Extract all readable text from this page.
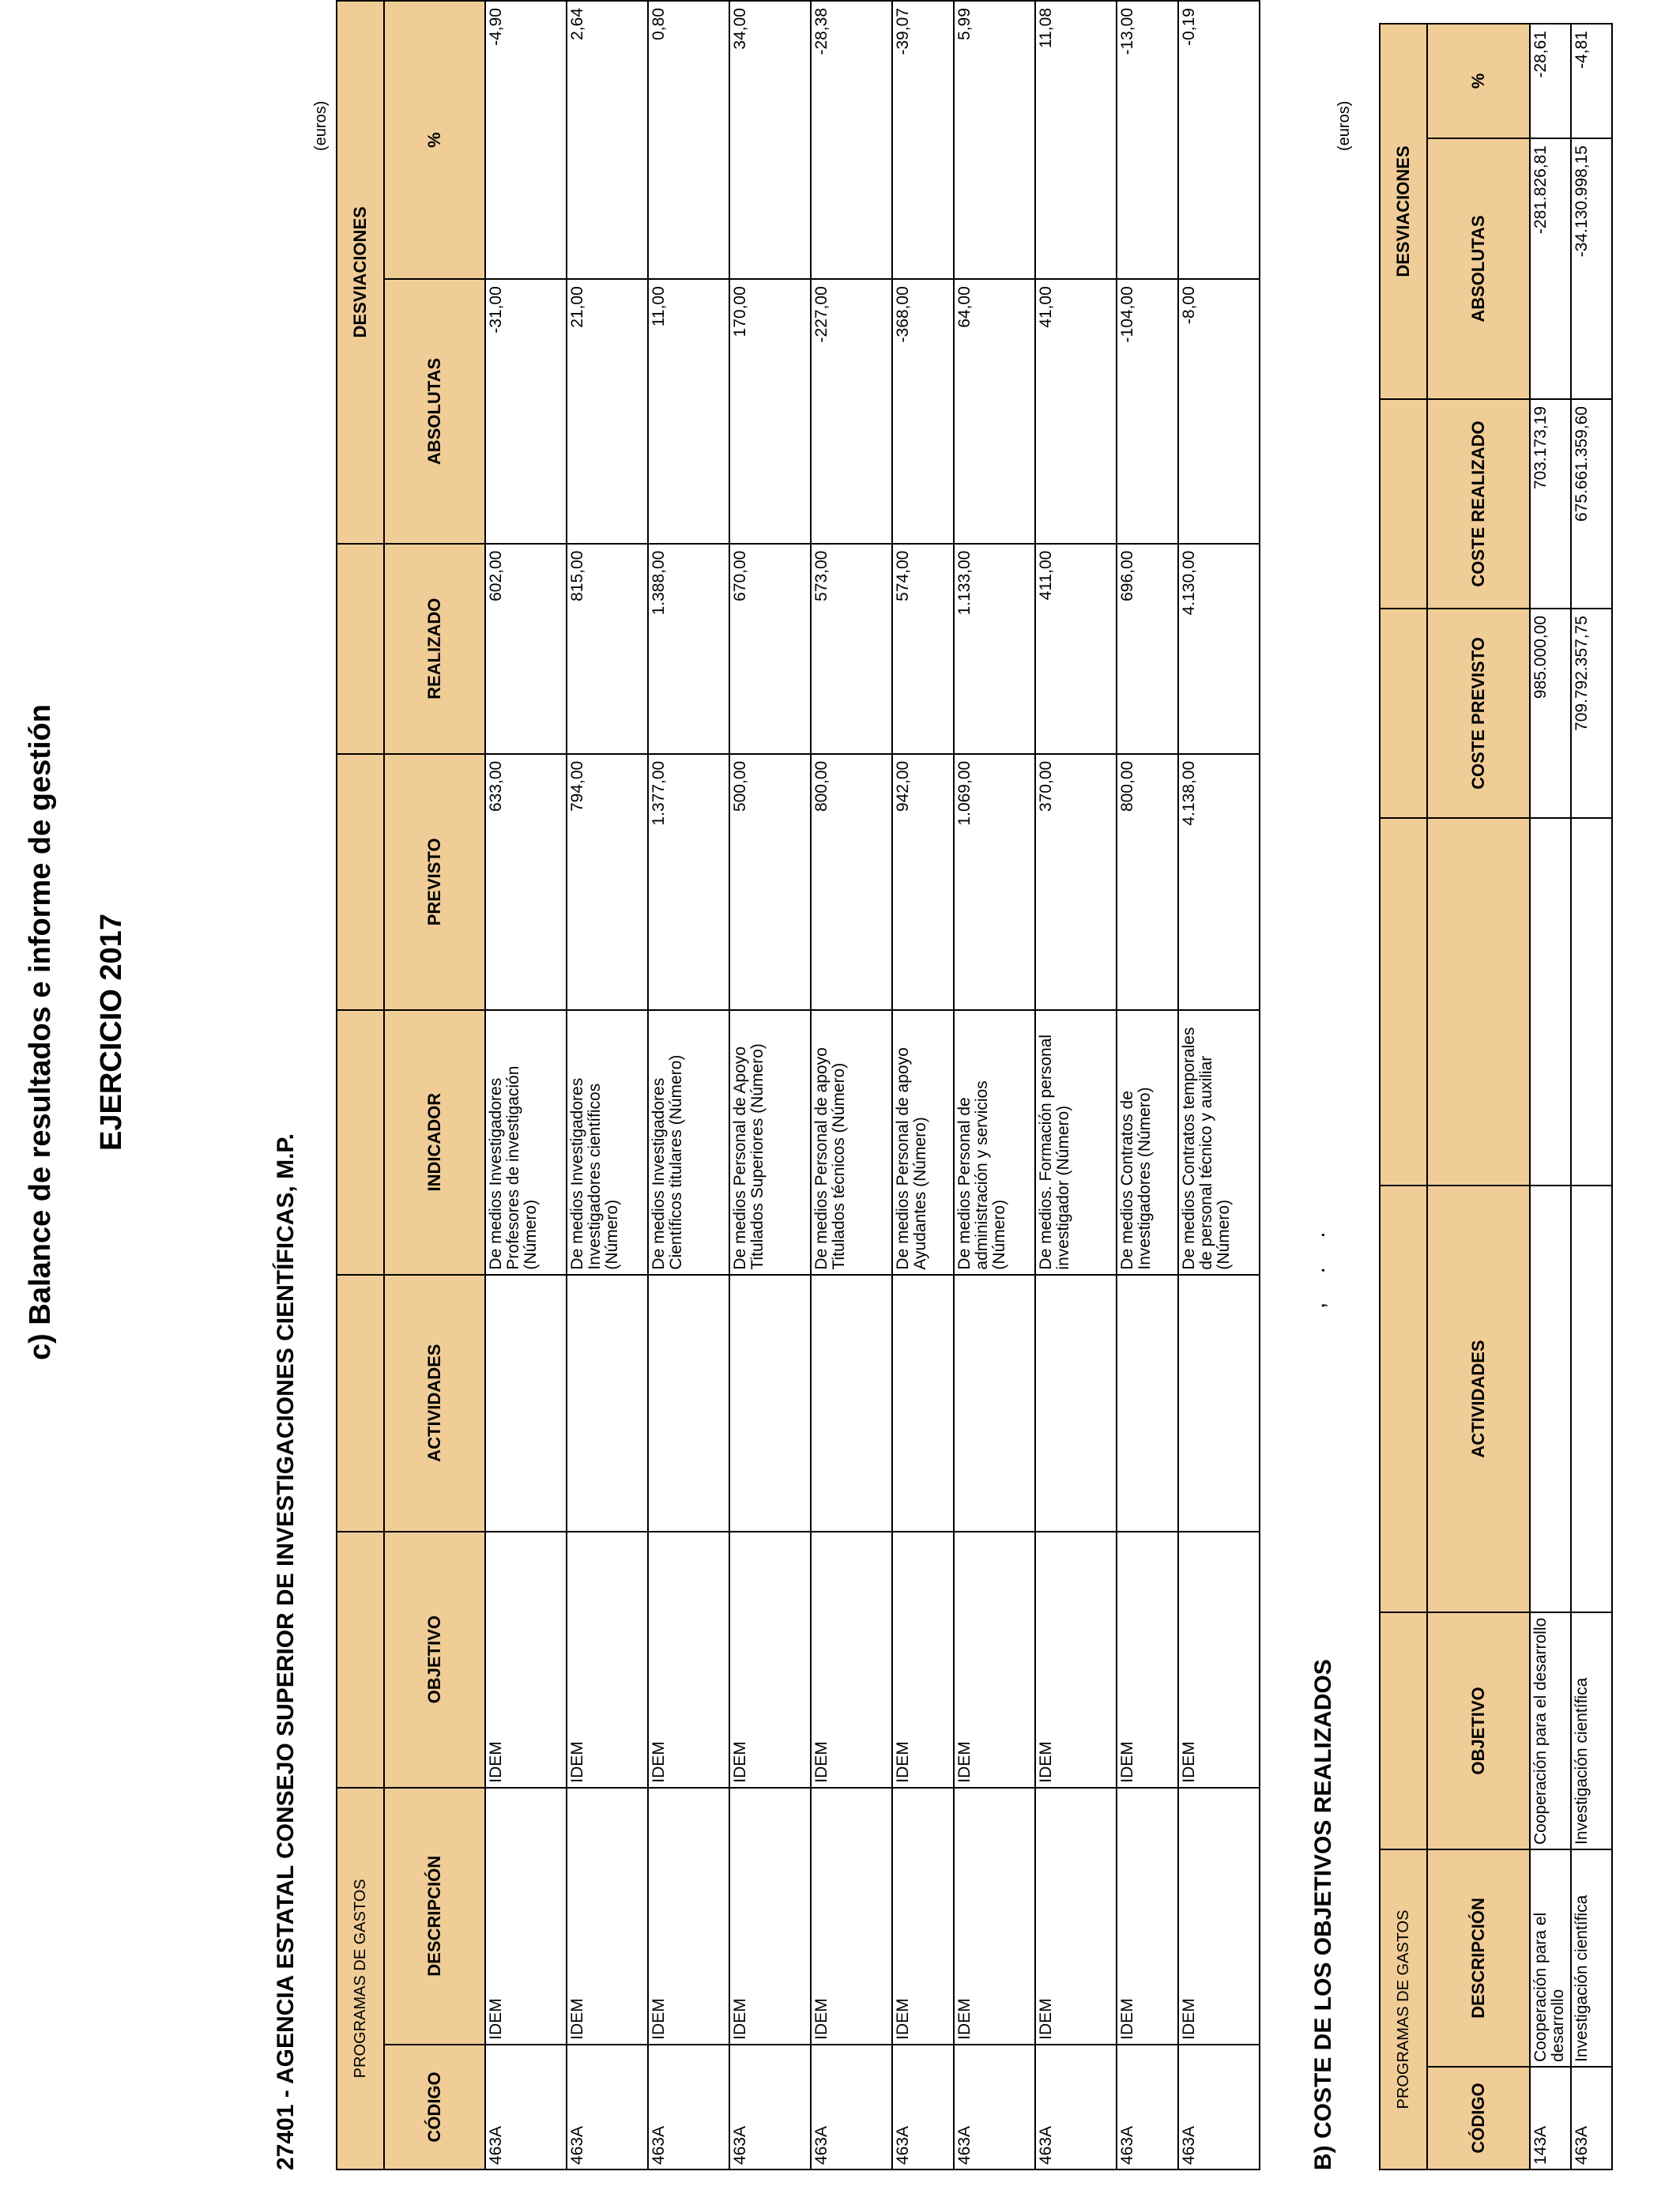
c) Balance de resultados e informe de gestión EJERCICIO 2017
27401 - AGENCIA ESTATAL CONSEJO SUPERIOR DE INVESTIGACIONES CIENTÍFICAS, M.P.
(euros)
PROGRAMAS DE GASTOS							DESVIACIONES	
CÓDIGO	DESCRIPCIÓN	OBJETIVO	ACTIVIDADES	INDICADOR	PREVISTO	REALIZADO	ABSOLUTAS	%
463A	IDEM	IDEM		De medios Investigadores Profesores de investigación (Número)	633,00	602,00	-31,00	-4,90
463A	IDEM	IDEM		De medios Investigadores Investigadores científicos (Número)	794,00	815,00	21,00	2,64
463A	IDEM	IDEM		De medios Investigadores Científicos titulares (Número)	1.377,00	1.388,00	11,00	0,80
463A	IDEM	IDEM		De medios Personal de Apoyo Titulados Superiores (Número)	500,00	670,00	170,00	34,00
463A	IDEM	IDEM		De medios Personal de apoyo Titulados técnicos (Número)	800,00	573,00	-227,00	-28,38
463A	IDEM	IDEM		De medios Personal de apoyo Ayudantes (Número)	942,00	574,00	-368,00	-39,07
463A	IDEM	IDEM		De medios Personal de administración y servicios (Número)	1.069,00	1.133,00	64,00	5,99
463A	IDEM	IDEM		De medios. Formación personal investigador (Número)	370,00	411,00	41,00	11,08
463A	IDEM	IDEM		De medios Contratos de Investigadores (Número)	800,00	696,00	-104,00	-13,00
463A	IDEM	IDEM		De medios Contratos temporales de personal técnico y auxiliar (Número)	4.138,00	4.130,00	-8,00	-0,19
B) COSTE DE LOS OBJETIVOS REALIZADOS
, . .
(euros)
PROGRAMAS DE GASTOS							DESVIACIONES	
CÓDIGO	DESCRIPCIÓN	OBJETIVO	ACTIVIDADES		COSTE PREVISTO	COSTE REALIZADO	ABSOLUTAS	%
143A	Cooperación para el desarrollo	Cooperación para el desarrollo			985.000,00	703.173,19	-281.826,81	-28,61
463A	Investigación científica	Investigación científica			709.792.357,75	675.661.359,60	-34.130.998,15	-4,81
